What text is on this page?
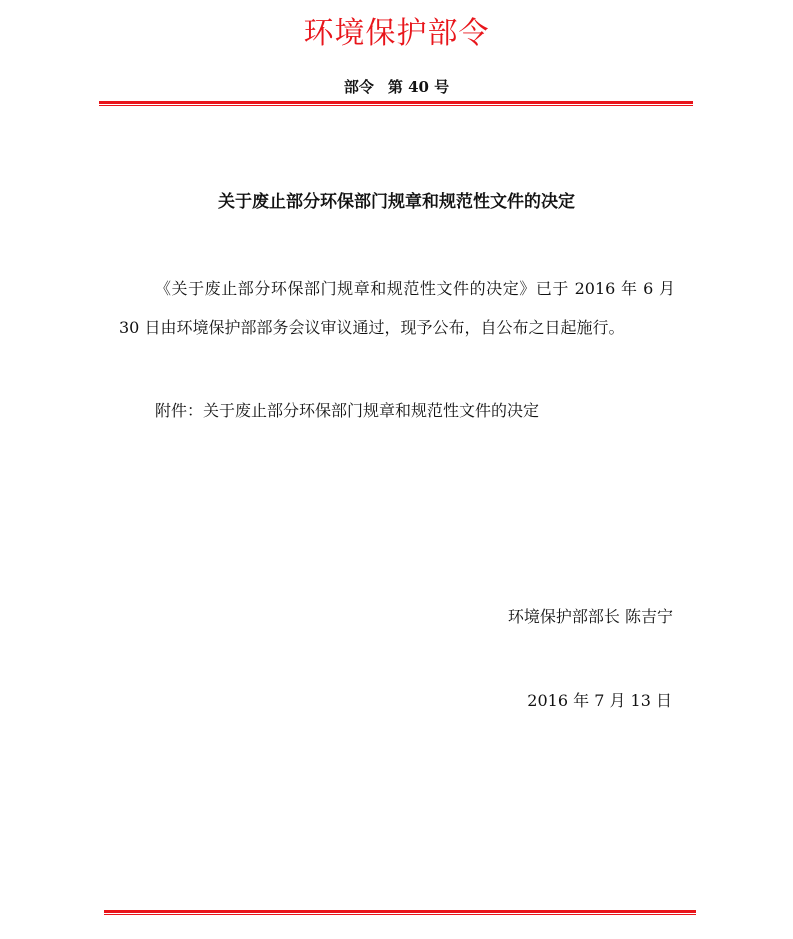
环境保护部令
部令 第 40 号
关于废止部分环保部门规章和规范性文件的决定

《关于废止部分环保部门规章和规范性文件的决定》已于 2016 年 6 月 30 日由环境保护部部务会议审议通过，现予公布，自公布之日起施行。

附件：关于废止部分环保部门规章和规范性文件的决定

环境保护部部长 陈吉宁
2016 年 7 月 13 日
